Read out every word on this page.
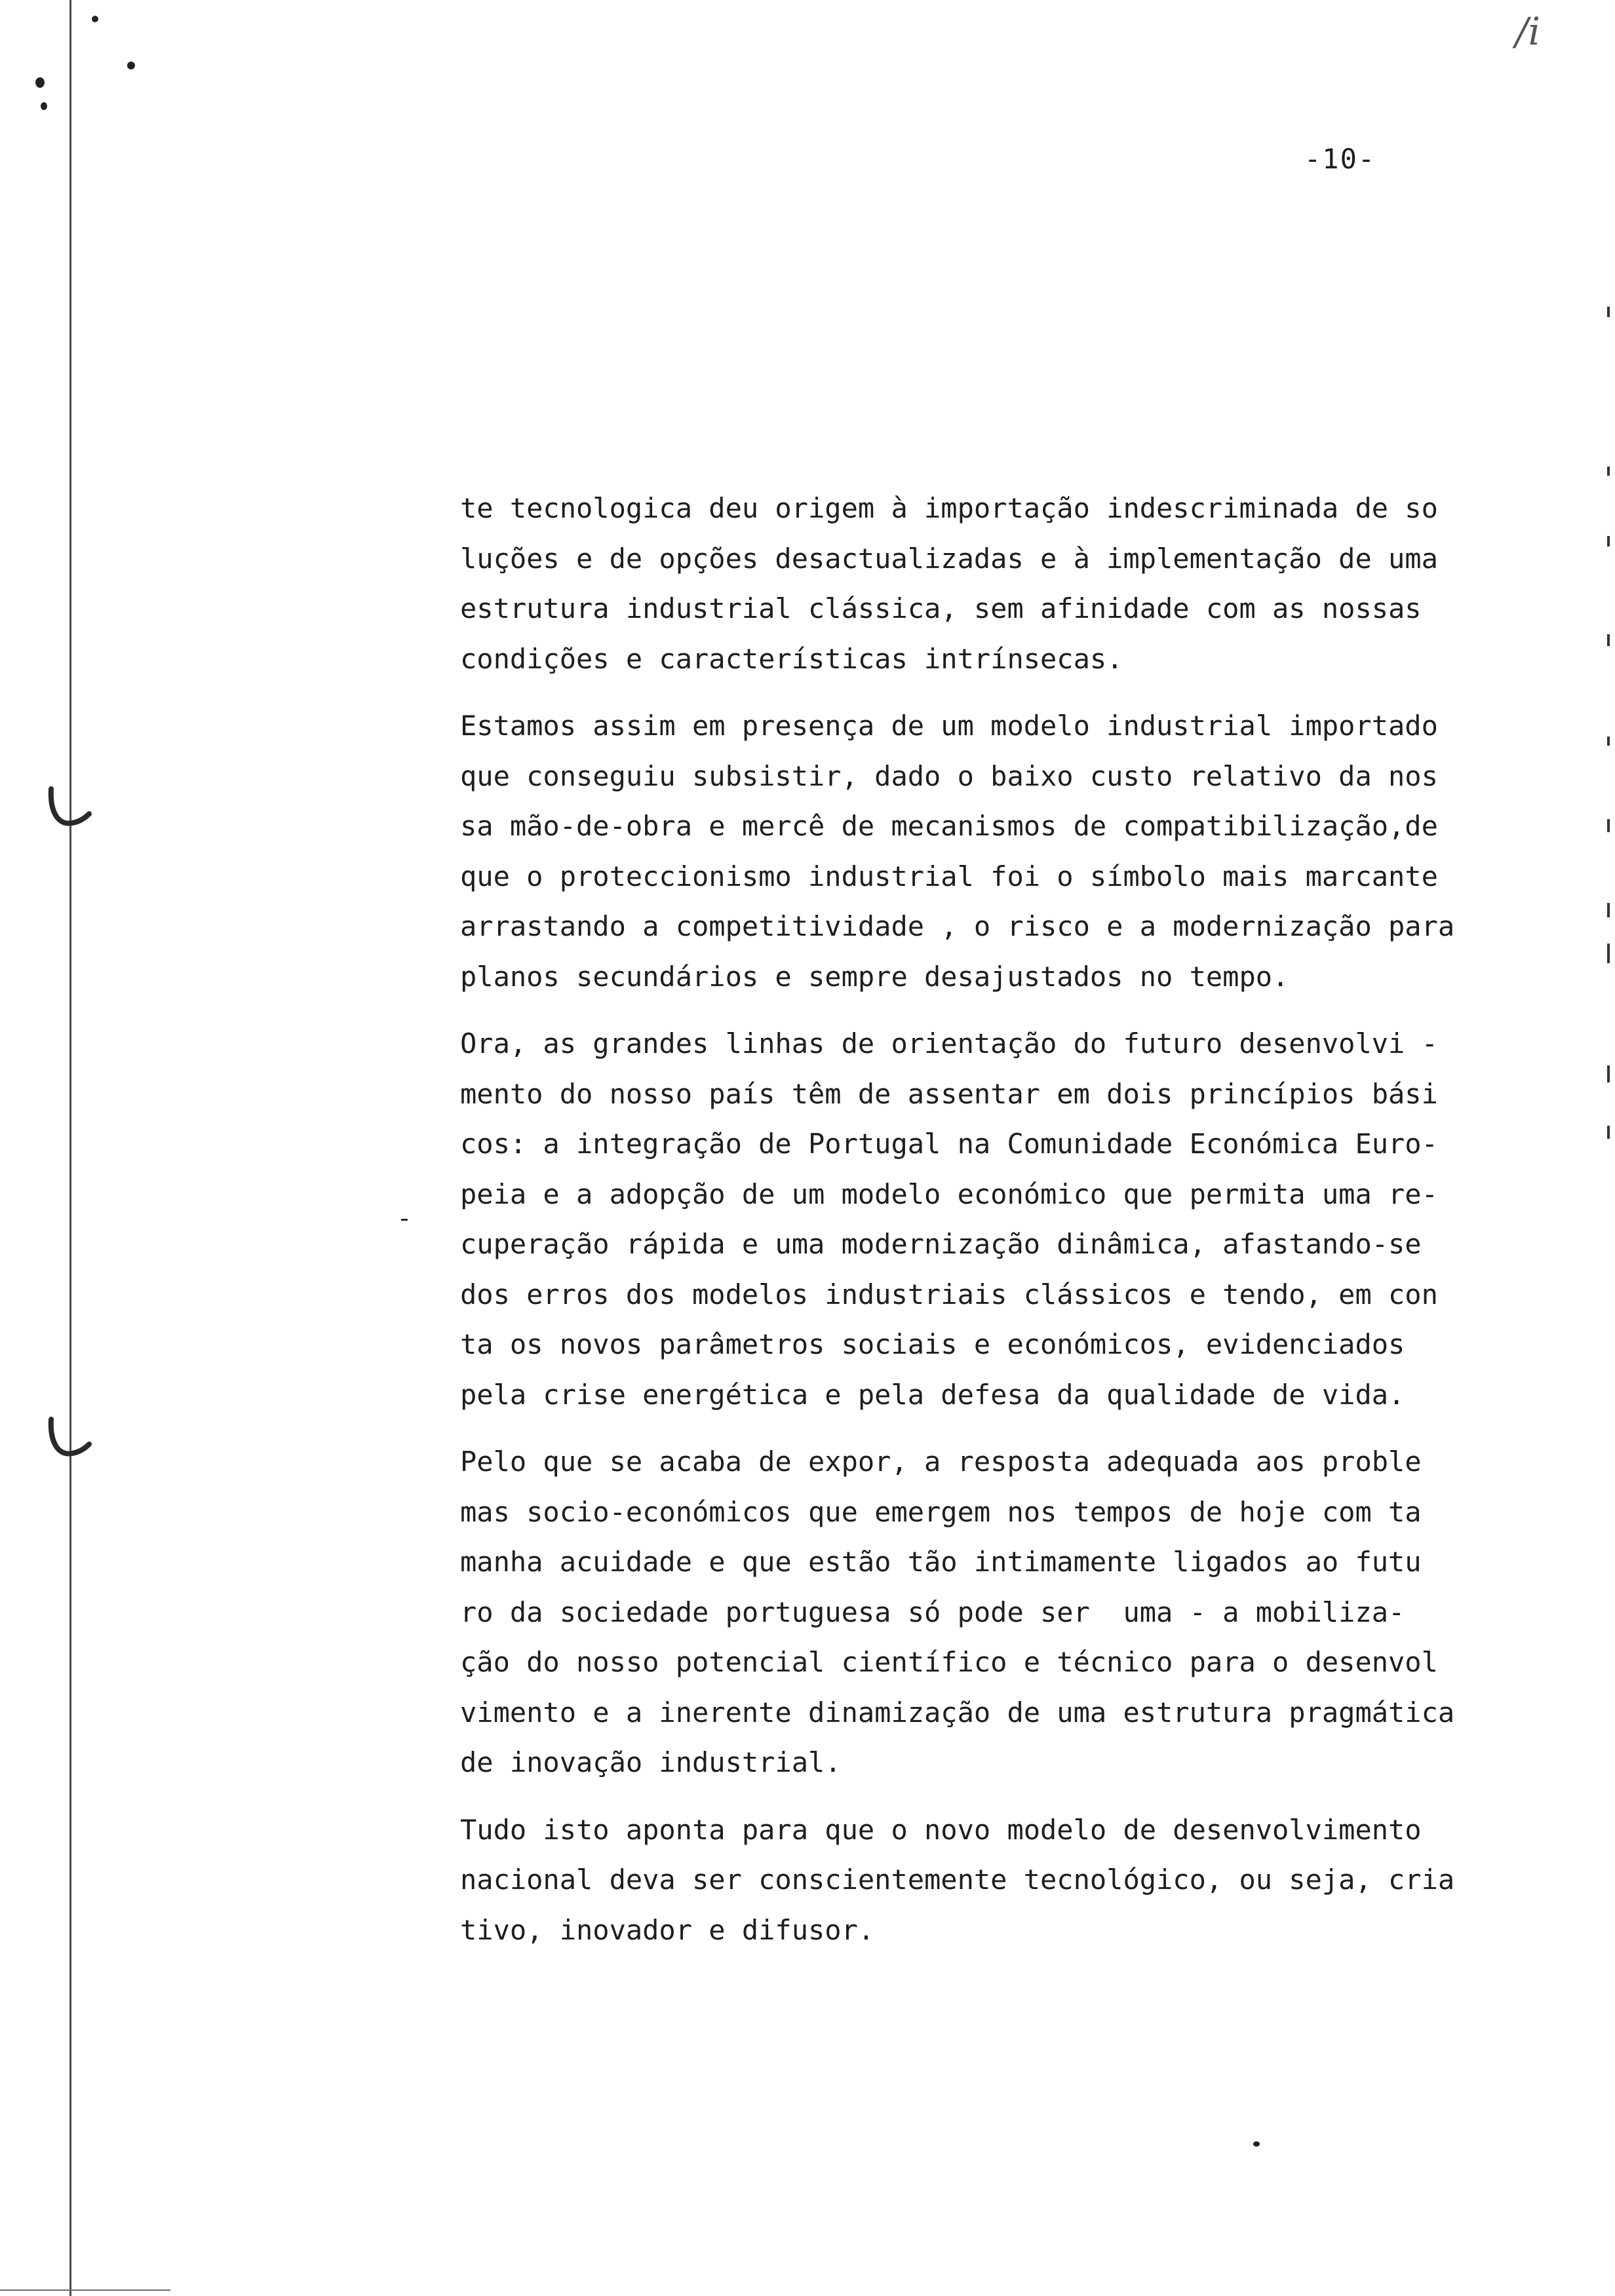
/i
-10-
te tecnologica deu origem à importação indescriminada de so
luções e de opções desactualizadas e à implementação de uma
estrutura industrial clássica, sem afinidade com as nossas
condições e características intrínsecas.
Estamos assim em presença de um modelo industrial importado
que conseguiu subsistir, dado o baixo custo relativo da nos
sa mão-de-obra e mercê de mecanismos de compatibilização,de
que o proteccionismo industrial foi o símbolo mais marcante
arrastando a competitividade , o risco e a modernização para
planos secundários e sempre desajustados no tempo.
Ora, as grandes linhas de orientação do futuro desenvolvi -
mento do nosso país têm de assentar em dois princípios bási
cos: a integração de Portugal na Comunidade Económica Euro-
peia e a adopção de um modelo económico que permita uma re-
cuperação rápida e uma modernização dinâmica, afastando-se
dos erros dos modelos industriais clássicos e tendo, em con
ta os novos parâmetros sociais e económicos, evidenciados
pela crise energética e pela defesa da qualidade de vida.
Pelo que se acaba de expor, a resposta adequada aos proble
mas socio-económicos que emergem nos tempos de hoje com ta
manha acuidade e que estão tão intimamente ligados ao futu
ro da sociedade portuguesa só pode ser  uma - a mobiliza-
ção do nosso potencial científico e técnico para o desenvol
vimento e a inerente dinamização de uma estrutura pragmática
de inovação industrial.
Tudo isto aponta para que o novo modelo de desenvolvimento
nacional deva ser conscientemente tecnológico, ou seja, cria
tivo, inovador e difusor.
